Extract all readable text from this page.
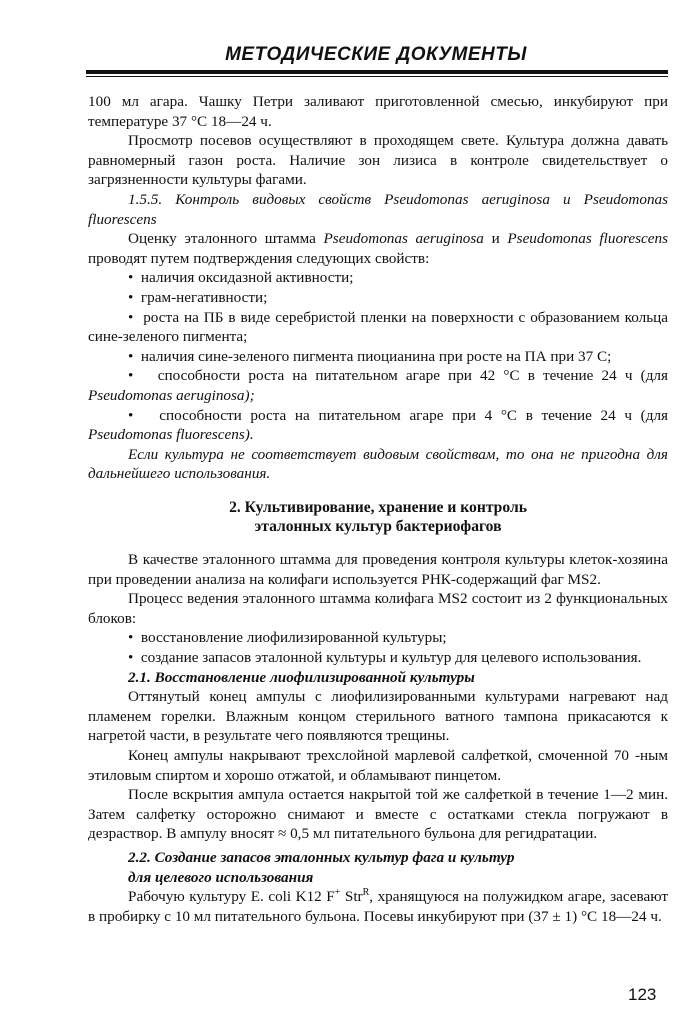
МЕТОДИЧЕСКИЕ ДОКУМЕНТЫ

100 мл агара. Чашку Петри заливают приготовленной смесью, инкубируют при температуре 37 °С 18—24 ч.

Просмотр посевов осуществляют в проходящем свете. Культура должна давать равномерный газон роста. Наличие зон лизиса в контроле свидетельствует о загрязненности культуры фагами.

1.5.5. Контроль видовых свойств Pseudomonas aeruginosa и Pseudomonas fluorescens

Оценку эталонного штамма Pseudomonas aeruginosa и Pseudomonas fluorescens проводят путем подтверждения следующих свойств:

•  наличия оксидазной активности;

•  грам-негативности;

•  роста на ПБ в виде серебристой пленки на поверхности с образованием кольца сине-зеленого пигмента;

•  наличия сине-зеленого пигмента пиоцианина при росте на ПА при 37 С;

•  способности роста на питательном агаре при 42 °С в течение 24 ч (для Pseudomonas aeruginosa);

•  способности роста на питательном агаре при 4 °С в течение 24 ч (для Pseudomonas fluorescens).

Если культура не соответствует видовым свойствам, то она не пригодна для дальнейшего использования.

2. Культивирование, хранение и контроль
эталонных культур бактериофагов

В качестве эталонного штамма для проведения контроля культуры клеток-хозяина при проведении анализа на колифаги используется РНК-содержащий фаг MS2.

Процесс ведения эталонного штамма колифага MS2 состоит из 2 функциональных блоков:

•  восстановление лиофилизированной культуры;

•  создание запасов эталонной культуры и культур для целевого использования.

2.1. Восстановление лиофилизированной культуры

Оттянутый конец ампулы с лиофилизированными культурами нагревают над пламенем горелки. Влажным концом стерильного ватного тампона прикасаются к нагретой части, в результате чего появляются трещины.

Конец ампулы накрывают трехслойной марлевой салфеткой, смоченной 70 -ным этиловым спиртом и хорошо отжатой, и обламывают пинцетом.

После вскрытия ампула остается накрытой той же салфеткой в течение 1—2 мин. Затем салфетку осторожно снимают и вместе с остатками стекла погружают в дезраствор. В ампулу вносят ≈ 0,5 мл питательного бульона для регидратации.

2.2. Создание запасов эталонных культур фага и культур
для целевого использования

Рабочую культуру E. coli K12 F+ Str$^R$, хранящуюся на полужидком агаре, засевают в пробирку с 10 мл питательного бульона. Посевы инкубируют при (37 ± 1) °С 18—24 ч.

123
